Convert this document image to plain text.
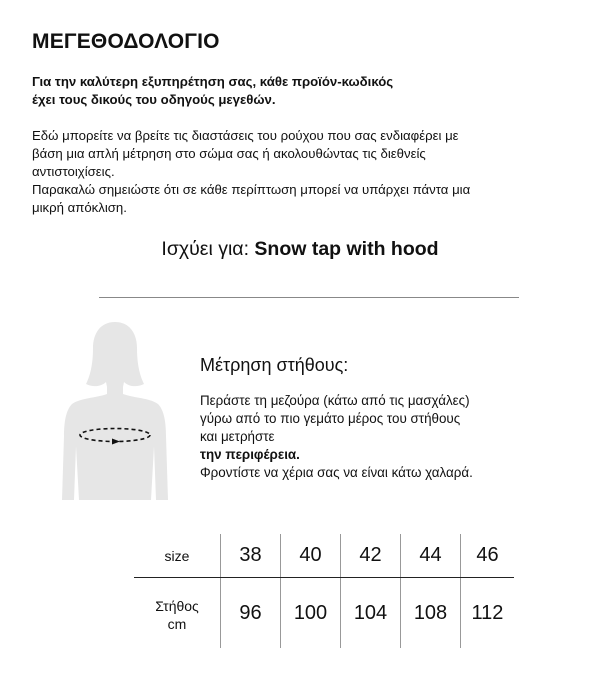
ΜΕΓΕΘΟΔΟΛΟΓΙΟ
Για την καλύτερη εξυπηρέτηση σας, κάθε προϊόν-κωδικός
έχει τους δικούς του οδηγούς μεγεθών.
Εδώ μπορείτε να βρείτε τις διαστάσεις του ρούχου που σας ενδιαφέρει με
βάση μια απλή μέτρηση στο σώμα σας ή ακολουθώντας τις διεθνείς
αντιστοιχίσεις.
Παρακαλώ σημειώστε ότι σε κάθε περίπτωση μπορεί να υπάρχει πάντα μια
μικρή απόκλιση.
Ισχύει για: Snow tap with hood
Μέτρηση στήθους:
Περάστε τη μεζούρα (κάτω από τις μασχάλες)
γύρω από το πιο γεμάτο μέρος του στήθους
και μετρήστε
την περιφέρεια.
Φροντίστε να χέρια σας να είναι κάτω χαλαρά.
size	38	40	42	44	46

Στήθος
cm	96	100	104	108	112
